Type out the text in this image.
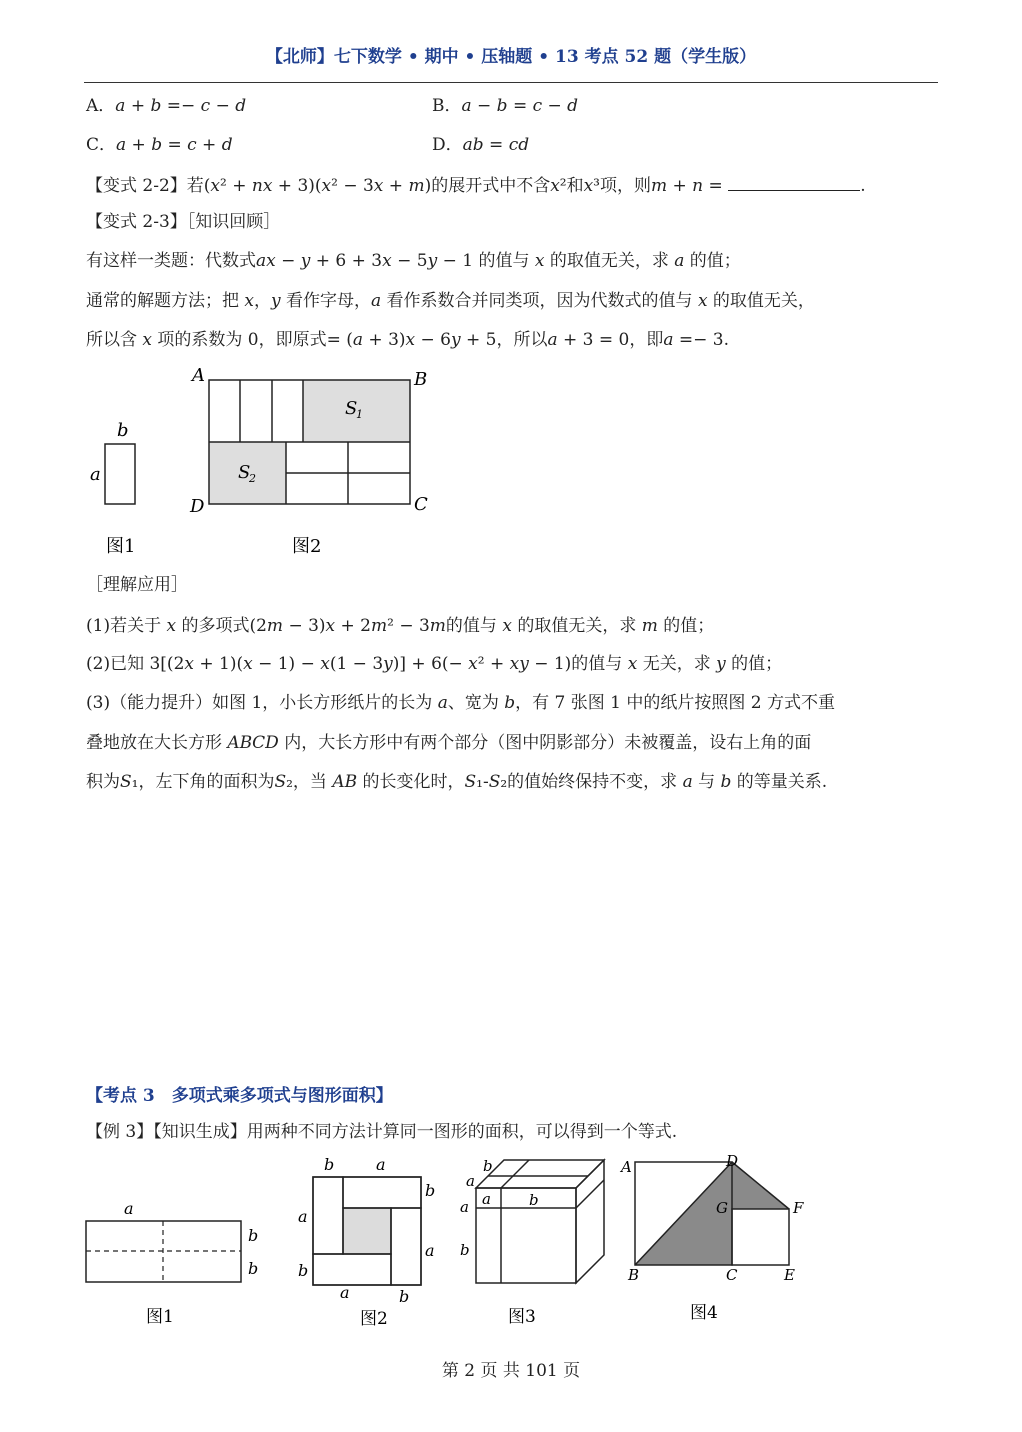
【北师】七下数学 • 期中 • 压轴题 • 13 考点 52 题（学生版）
A．𝑎 + 𝑏 =− 𝑐 − 𝑑	B．𝑎 − 𝑏 = 𝑐 − 𝑑
C．𝑎 + 𝑏 = 𝑐 + 𝑑	D．𝑎𝑏 = 𝑐𝑑
【变式 2-2】若(𝑥² + 𝑛𝑥 + 3)(𝑥² − 3𝑥 + 𝑚)的展开式中不含𝑥²和𝑥³项，则𝑚 + 𝑛 =	.
【变式 2-3】［知识回顾］
有这样一类题：代数式𝑎𝑥 − 𝑦 + 6 + 3𝑥 − 5𝑦 − 1 的值与 𝑥 的取值无关，求 𝑎 的值；
通常的解题方法；把 𝑥，𝑦 看作字母，𝑎 看作系数合并同类项，因为代数式的值与 𝑥 的取值无关，
所以含 𝑥 项的系数为 0，即原式= (𝑎 + 3)𝑥 − 6𝑦 + 5，所以𝑎 + 3 = 0，即𝑎 =− 3.
b
a
图1
A	B
C
D
S
1
S
2
图2
［理解应用］
(1)若关于 𝑥 的多项式(2𝑚 − 3)𝑥 + 2𝑚² − 3𝑚的值与 𝑥 的取值无关，求 𝑚 的值；
(2)已知 3[(2𝑥 + 1)(𝑥 − 1) − 𝑥(1 − 3𝑦)] + 6(− 𝑥² + 𝑥𝑦 − 1)的值与 𝑥 无关，求 𝑦 的值；
(3)（能力提升）如图 1，小长方形纸片的长为 𝑎、宽为 𝑏，有 7 张图 1 中的纸片按照图 2 方式不重
叠地放在大长方形 𝐴𝐵𝐶𝐷 内，大长方形中有两个部分（图中阴影部分）未被覆盖，设右上角的面
积为𝑆₁，左下角的面积为𝑆₂，当 𝐴𝐵 的长变化时，𝑆₁-𝑆₂的值始终保持不变，求 𝑎 与 𝑏 的等量关系.
【考点 3　多项式乘多项式与图形面积】
【例 3】【知识生成】用两种不同方法计算同一图形的面积，可以得到一个等式.
a
b
b
图1
b	a
b
a
a
b
a	b
图2
b
a
a	b
a
b
图3
A	D
G	F
B	C	E
图4
第 2 页 共 101 页
